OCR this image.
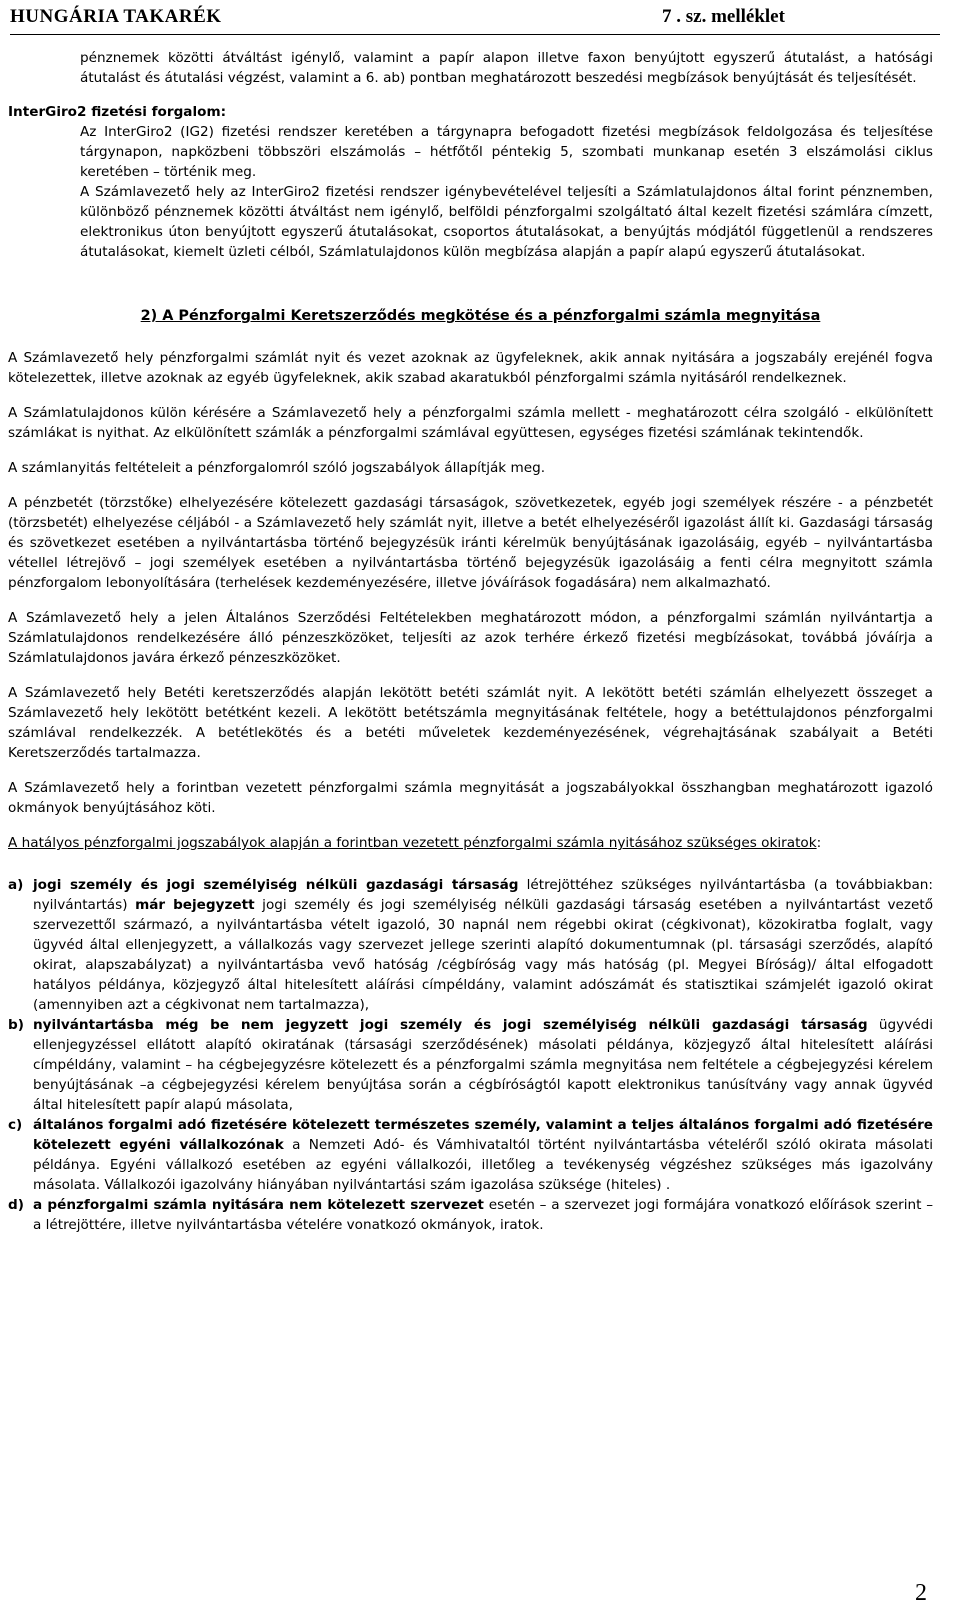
HUNGÁRIA TAKARÉK	7 . sz. melléklet

pénznemek közötti átváltást igénylő, valamint a papír alapon illetve faxon benyújtott egyszerű átutalást, a hatósági átutalást és átutalási végzést, valamint a 6. ab) pontban meghatározott beszedési megbízások benyújtását és teljesítését.

InterGiro2 fizetési forgalom:

Az InterGiro2 (IG2) fizetési rendszer keretében a tárgynapra befogadott fizetési megbízások feldolgozása és teljesítése tárgynapon, napközbeni többszöri elszámolás – hétfőtől péntekig 5, szombati munkanap esetén 3 elszámolási ciklus keretében – történik meg.

A Számlavezető hely az InterGiro2 fizetési rendszer igénybevételével teljesíti a Számlatulajdonos által forint pénznemben, különböző pénznemek közötti átváltást nem igénylő, belföldi pénzforgalmi szolgáltató által kezelt fizetési számlára címzett, elektronikus úton benyújtott egyszerű átutalásokat, csoportos átutalásokat, a benyújtás módjától függetlenül a rendszeres átutalásokat, kiemelt üzleti célból, Számlatulajdonos külön megbízása alapján a papír alapú egyszerű átutalásokat.

2) A Pénzforgalmi Keretszerződés megkötése és a pénzforgalmi számla megnyitása

A Számlavezető hely pénzforgalmi számlát nyit és vezet azoknak az ügyfeleknek, akik annak nyitására a jogszabály erejénél fogva kötelezettek, illetve azoknak az egyéb ügyfeleknek, akik szabad akaratukból pénzforgalmi számla nyitásáról rendelkeznek.

A Számlatulajdonos külön kérésére a Számlavezető hely a pénzforgalmi számla mellett - meghatározott célra szolgáló - elkülönített számlákat is nyithat. Az elkülönített számlák a pénzforgalmi számlával együttesen, egységes fizetési számlának tekintendők.

A számlanyitás feltételeit a pénzforgalomról szóló jogszabályok állapítják meg.

A pénzbetét (törzstőke) elhelyezésére kötelezett gazdasági társaságok, szövetkezetek, egyéb jogi személyek részére - a pénzbetét (törzsbetét) elhelyezése céljából - a Számlavezető hely számlát nyit, illetve a betét elhelyezéséről igazolást állít ki. Gazdasági társaság és szövetkezet esetében a nyilvántartásba történő bejegyzésük iránti kérelmük benyújtásának igazolásáig, egyéb – nyilvántartásba vétellel létrejövő – jogi személyek esetében a nyilvántartásba történő bejegyzésük igazolásáig a fenti célra megnyitott számla pénzforgalom lebonyolítására (terhelések kezdeményezésére, illetve jóváírások fogadására) nem alkalmazható.

A Számlavezető hely a jelen Általános Szerződési Feltételekben meghatározott módon, a pénzforgalmi számlán nyilvántartja a Számlatulajdonos rendelkezésére álló pénzeszközöket, teljesíti az azok terhére érkező fizetési megbízásokat, továbbá jóváírja a Számlatulajdonos javára érkező pénzeszközöket.

A Számlavezető hely Betéti keretszerződés alapján lekötött betéti számlát nyit. A lekötött betéti számlán elhelyezett összeget a Számlavezető hely lekötött betétként kezeli. A lekötött betétszámla megnyitásának feltétele, hogy a betéttulajdonos pénzforgalmi számlával rendelkezzék. A betétlekötés és a betéti műveletek kezdeményezésének, végrehajtásának szabályait a Betéti Keretszerződés tartalmazza.

A Számlavezető hely a forintban vezetett pénzforgalmi számla megnyitását a jogszabályokkal összhangban meghatározott igazoló okmányok benyújtásához köti.

A hatályos pénzforgalmi jogszabályok alapján a forintban vezetett pénzforgalmi számla nyitásához szükséges okiratok:

a) jogi személy és jogi személyiség nélküli gazdasági társaság létrejöttéhez szükséges nyilvántartásba (a továbbiakban: nyilvántartás) már bejegyzett jogi személy és jogi személyiség nélküli gazdasági társaság esetében a nyilvántartást vezető szervezettől származó, a nyilvántartásba vételt igazoló, 30 napnál nem régebbi okirat (cégkivonat), közokiratba foglalt, vagy ügyvéd által ellenjegyzett, a vállalkozás vagy szervezet jellege szerinti alapító dokumentumnak (pl. társasági szerződés, alapító okirat, alapszabályzat) a nyilvántartásba vevő hatóság /cégbíróság vagy más hatóság (pl. Megyei Bíróság)/ által elfogadott hatályos példánya, közjegyző által hitelesített aláírási címpéldány, valamint adószámát és statisztikai számjelét igazoló okirat (amennyiben azt a cégkivonat nem tartalmazza),
b) nyilvántartásba még be nem jegyzett jogi személy és jogi személyiség nélküli gazdasági társaság ügyvédi ellenjegyzéssel ellátott alapító okiratának (társasági szerződésének) másolati példánya, közjegyző által hitelesített aláírási címpéldány, valamint – ha cégbejegyzésre kötelezett és a pénzforgalmi számla megnyitása nem feltétele a cégbejegyzési kérelem benyújtásának –a cégbejegyzési kérelem benyújtása során a cégbíróságtól kapott elektronikus tanúsítvány vagy annak ügyvéd által hitelesített papír alapú másolata,
c) általános forgalmi adó fizetésére kötelezett természetes személy, valamint a teljes általános forgalmi adó fizetésére kötelezett egyéni vállalkozónak a Nemzeti Adó- és Vámhivataltól történt nyilvántartásba vételéről szóló okirata másolati példánya. Egyéni vállalkozó esetében az egyéni vállalkozói, illetőleg a tevékenység végzéshez szükséges más igazolvány másolata. Vállalkozói igazolvány hiányában nyilvántartási szám igazolása szüksége (hiteles) .
d) a pénzforgalmi számla nyitására nem kötelezett szervezet esetén – a szervezet jogi formájára vonatkozó előírások szerint – a létrejöttére, illetve nyilvántartásba vételére vonatkozó okmányok, iratok.
2
